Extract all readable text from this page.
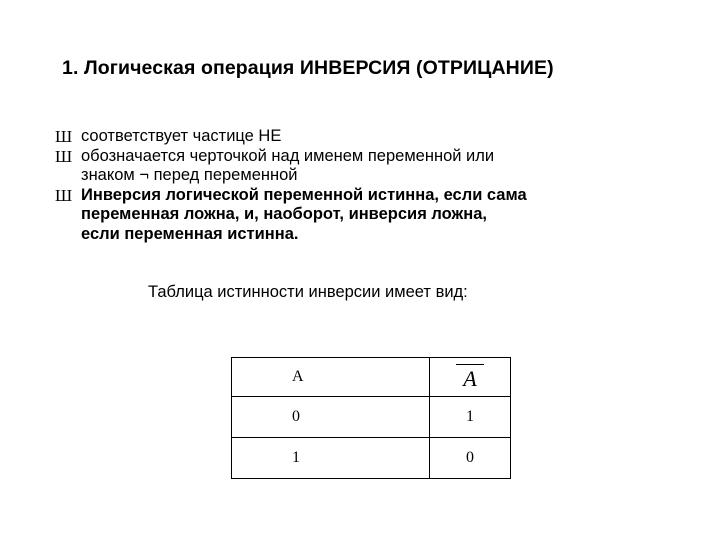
1. Логическая операция ИНВЕРСИЯ (ОТРИЦАНИЕ)
Ш соответствует частице НЕ
Ш обозначается черточкой над именем переменной или
знаком ¬ перед переменной
Ш Инверсия логической переменной истинна, если сама
переменная ложна, и, наоборот, инверсия ложна,
если переменная истинна.
Таблица истинности инверсии имеет вид:
A	A
0	1
1	0
